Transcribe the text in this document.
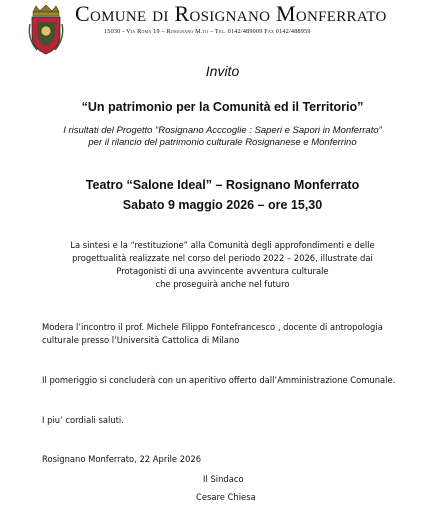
Comune di Rosignano Monferrato
15030 - Via Roma 19 – Rosignano M.to – Tel. 0142/489009 Fax 0142/488959
Invito
“Un patrimonio per la Comunità ed il Territorio”
I risultati del Progetto “Rosignano Acccoglie : Saperi e Sapori in Monferrato”
per il rilancio del patrimonio culturale Rosignanese e Monferrino
Teatro “Salone Ideal” – Rosignano Monferrato
Sabato 9 maggio 2026 – ore 15,30
La sintesi e la “restituzione” alla Comunità degli approfondimenti e delle
progettualità realizzate nel corso del periodo 2022 – 2026, illustrate dai
Protagonisti di una avvincente avventura culturale
che proseguirà anche nel futuro
Modera l’incontro il prof. Michele Filippo Fontefrancesco , docente di antropologia
culturale presso l’Università Cattolica di Milano
Il pomeriggio si concluderà con un aperitivo offerto dall’Amministrazione Comunale.
I piu’ cordiali saluti.
Rosignano Monferrato, 22 Aprile 2026
Il Sindaco
Cesare Chiesa
